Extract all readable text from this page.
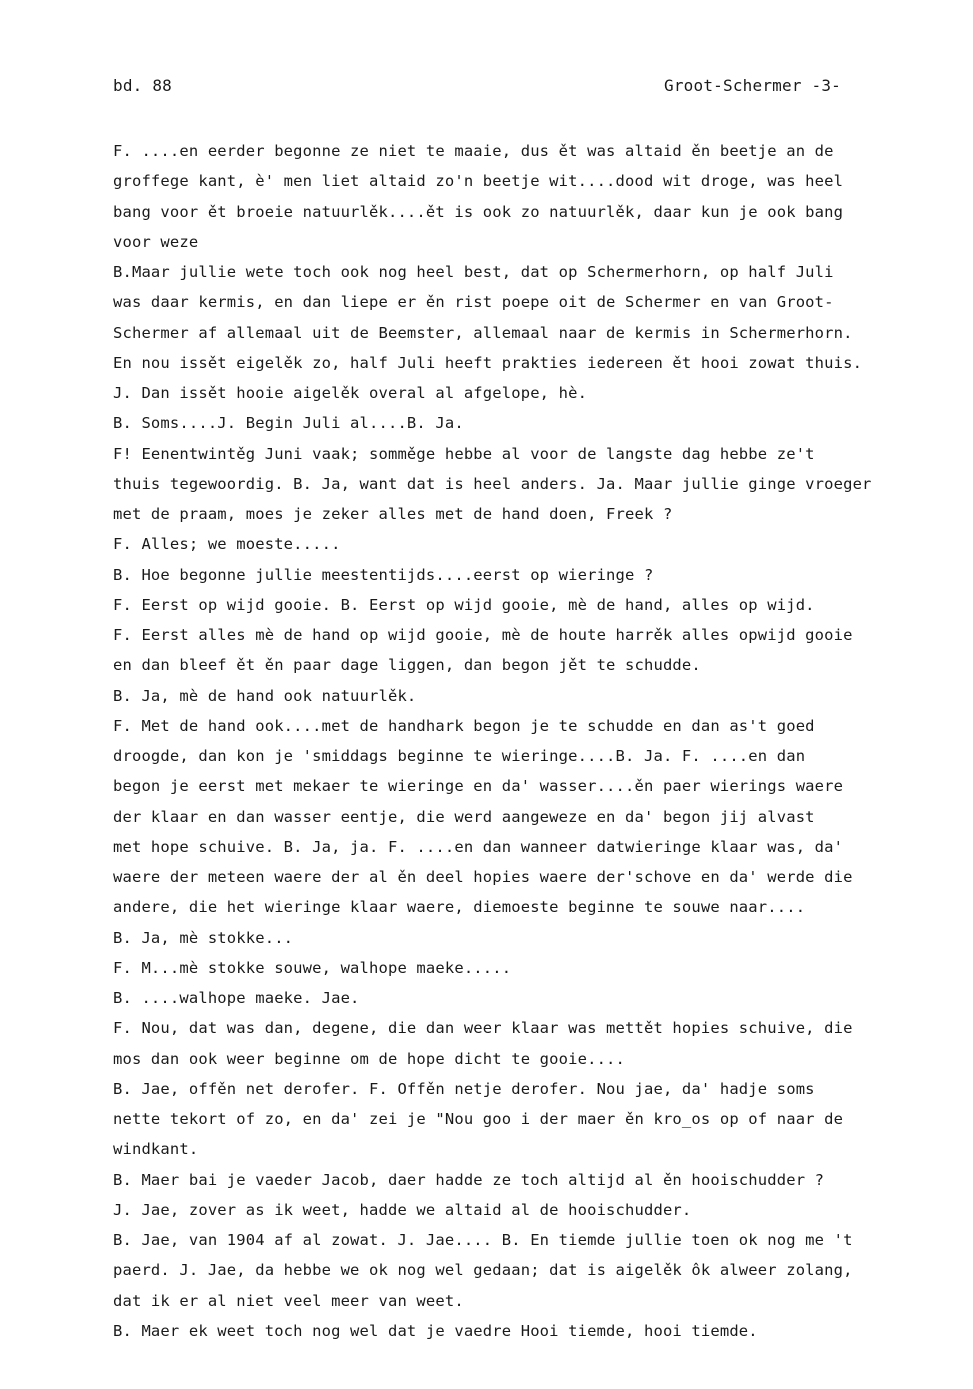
bd. 88	Groot-Schermer -3-
F. ....en eerder begonne ze niet te maaie, dus ět was altaid ěn beetje an de
groffege kant, è' men liet altaid zo'n beetje wit....dood wit droge, was heel
bang voor ět broeie natuurlěk....ět is ook zo natuurlěk, daar kun je ook bang
voor weze
B.Maar jullie wete toch ook nog heel best, dat op Schermerhorn, op half Juli
was daar kermis, en dan liepe er ěn rist poepe oit de Schermer en van Groot-
Schermer af allemaal uit de Beemster, allemaal naar de kermis in Schermerhorn.
En nou issět eigelěk zo, half Juli heeft prakties iedereen ět hooi zowat thuis.
J. Dan issět hooie aigelěk overal al afgelope, hè.
B. Soms....J. Begin Juli al....B. Ja.
F! Eenentwintěg Juni vaak; somměge hebbe al voor de langste dag hebbe ze't
thuis tegewoordig. B. Ja, want dat is heel anders. Ja. Maar jullie ginge vroeger
met de praam, moes je zeker alles met de hand doen, Freek ?
F. Alles; we moeste.....
B. Hoe begonne jullie meestentijds....eerst op wieringe ?
F. Eerst op wijd gooie. B. Eerst op wijd gooie, mè de hand, alles op wijd.
F. Eerst alles mè de hand op wijd gooie, mè de houte harrěk alles opwijd gooie
en dan bleef ět ěn paar dage liggen, dan begon jět te schudde.
B. Ja, mè de hand ook natuurlěk.
F. Met de hand ook....met de handhark begon je te schudde en dan as't goed
droogde, dan kon je 'smiddags beginne te wieringe....B. Ja. F. ....en dan
begon je eerst met mekaer te wieringe en da' wasser....ěn paer wierings waere
der klaar en dan wasser eentje, die werd aangeweze en da' begon jij alvast
met hope schuive. B. Ja, ja. F. ....en dan wanneer datwieringe klaar was, da'
waere der meteen waere der al ěn deel hopies waere der'schove en da' werde die
andere, die het wieringe klaar waere, diemoeste beginne te souwe naar....
B. Ja, mè stokke...
F. M...mè stokke souwe, walhope maeke.....
B. ....walhope maeke. Jae.
F. Nou, dat was dan, degene, die dan weer klaar was mettět hopies schuive, die
mos dan ook weer beginne om de hope dicht te gooie....
B. Jae, offěn net derofer. F. Offěn netje derofer. Nou jae, da' hadje soms
nette tekort of zo, en da' zei je "Nou goo i der maer ěn kro_os op of naar de
windkant.
B. Maer bai je vaeder Jacob, daer hadde ze toch altijd al ěn hooischudder ?
J. Jae, zover as ik weet, hadde we altaid al de hooischudder.
B. Jae, van 1904 af al zowat. J. Jae.... B. En tiemde jullie toen ok nog me 't
paerd. J. Jae, da hebbe we ok nog wel gedaan; dat is aigelěk ôk alweer zolang,
dat ik er al niet veel meer van weet.
B. Maer ek weet toch nog wel dat je vaedre Hooi tiemde, hooi tiemde.
